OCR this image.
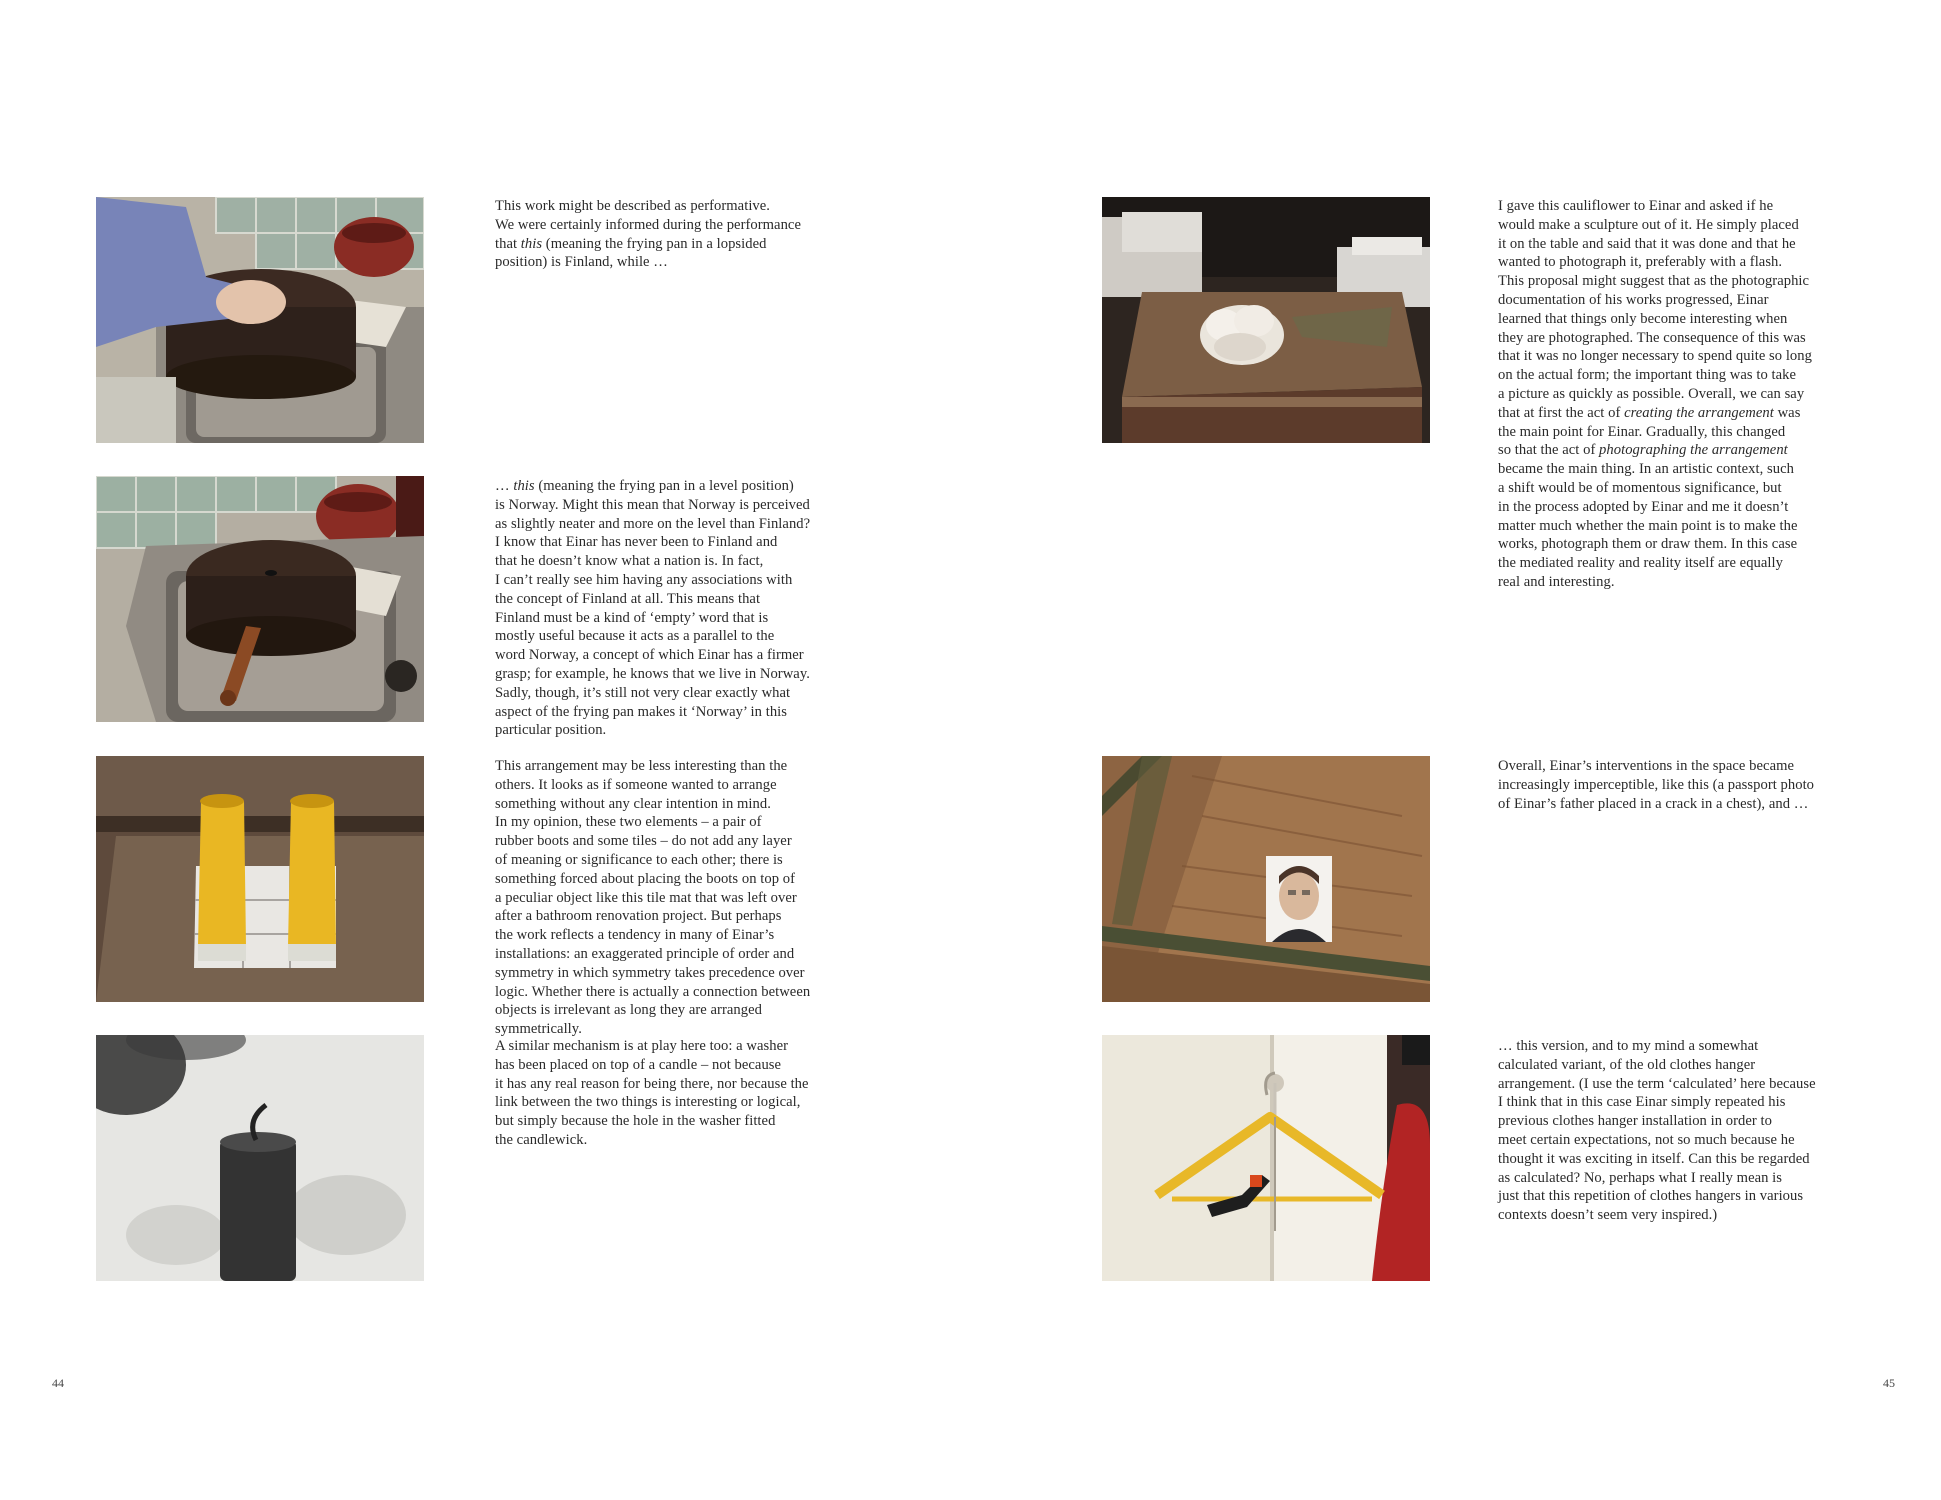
This work might be described as performative.
We were certainly informed during the performance
that this (meaning the frying pan in a lopsided
position) is Finland, while …

… this (meaning the frying pan in a level position)
is Norway. Might this mean that Norway is perceived
as slightly neater and more on the level than Finland?
I know that Einar has never been to Finland and
that he doesn’t know what a nation is. In fact,
I can’t really see him having any associations with
the concept of Finland at all. This means that
Finland must be a kind of ‘empty’ word that is
mostly useful because it acts as a parallel to the
word Norway, a concept of which Einar has a firmer
grasp; for example, he knows that we live in Norway.
Sadly, though, it’s still not very clear exactly what
aspect of the frying pan makes it ‘Norway’ in this
particular position.

This arrangement may be less interesting than the
others. It looks as if someone wanted to arrange
something without any clear intention in mind.
In my opinion, these two elements – a pair of
rubber boots and some tiles – do not add any layer
of meaning or significance to each other; there is
something forced about placing the boots on top of
a peculiar object like this tile mat that was left over
after a bathroom renovation project. But perhaps
the work reflects a tendency in many of Einar’s
installations: an exaggerated principle of order and
symmetry in which symmetry takes precedence over
logic. Whether there is actually a connection between
objects is irrelevant as long they are arranged
symmetrically.

A similar mechanism is at play here too: a washer
has been placed on top of a candle – not because
it has any real reason for being there, nor because the
link between the two things is interesting or logical,
but simply because the hole in the washer fitted
the candlewick.

44

I gave this cauliflower to Einar and asked if he
would make a sculpture out of it. He simply placed
it on the table and said that it was done and that he
wanted to photograph it, preferably with a flash.
This proposal might suggest that as the photographic
documentation of his works progressed, Einar
learned that things only become interesting when
they are photographed. The consequence of this was
that it was no longer necessary to spend quite so long
on the actual form; the important thing was to take
a picture as quickly as possible. Overall, we can say
that at first the act of creating the arrangement was
the main point for Einar. Gradually, this changed
so that the act of photographing the arrangement
became the main thing. In an artistic context, such
a shift would be of momentous significance, but
in the process adopted by Einar and me it doesn’t
matter much whether the main point is to make the
works, photograph them or draw them. In this case
the mediated reality and reality itself are equally
real and interesting.

Overall, Einar’s interventions in the space became
increasingly imperceptible, like this (a passport photo
of Einar’s father placed in a crack in a chest), and …

… this version, and to my mind a somewhat
calculated variant, of the old clothes hanger
arrangement. (I use the term ‘calculated’ here because
I think that in this case Einar simply repeated his
previous clothes hanger installation in order to
meet certain expectations, not so much because he
thought it was exciting in itself. Can this be regarded
as calculated? No, perhaps what I really mean is
just that this repetition of clothes hangers in various
contexts doesn’t seem very inspired.)

45
